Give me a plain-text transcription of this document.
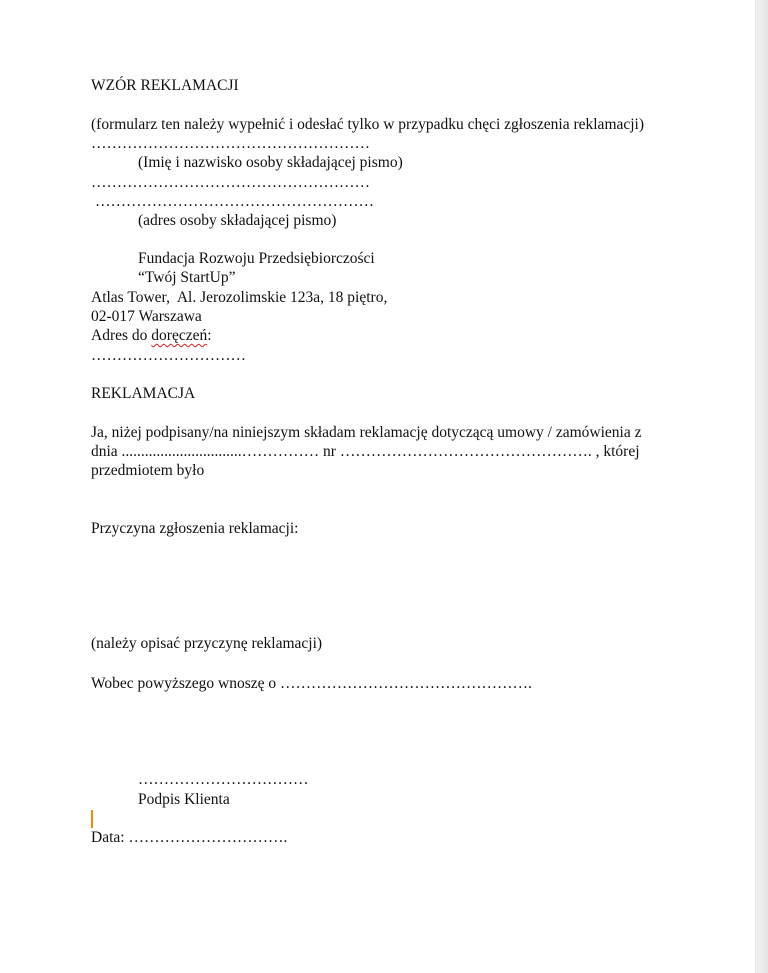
WZÓR REKLAMACJI
(formularz ten należy wypełnić i odesłać tylko w przypadku chęci zgłoszenia reklamacji)
………………………………………………
(Imię i nazwisko osoby składającej pismo)
………………………………………………
………………………………………………
(adres osoby składającej pismo)
Fundacja Rozwoju Przedsiębiorczości
“Twój StartUp”
Atlas Tower,  Al. Jerozolimskie 123a, 18 piętro,
02-017 Warszawa
Adres do doręczeń:
…………………………
REKLAMACJA
Ja, niżej podpisany/na niniejszym składam reklamację dotyczącą umowy / zamówienia z
dnia ...............................…………… nr …………………………………………. , której
przedmiotem było
Przyczyna zgłoszenia reklamacji:
(należy opisać przyczynę reklamacji)
Wobec powyższego wnoszę o ………………………………………….
……………………………
Podpis Klienta
Data: ………………………….
